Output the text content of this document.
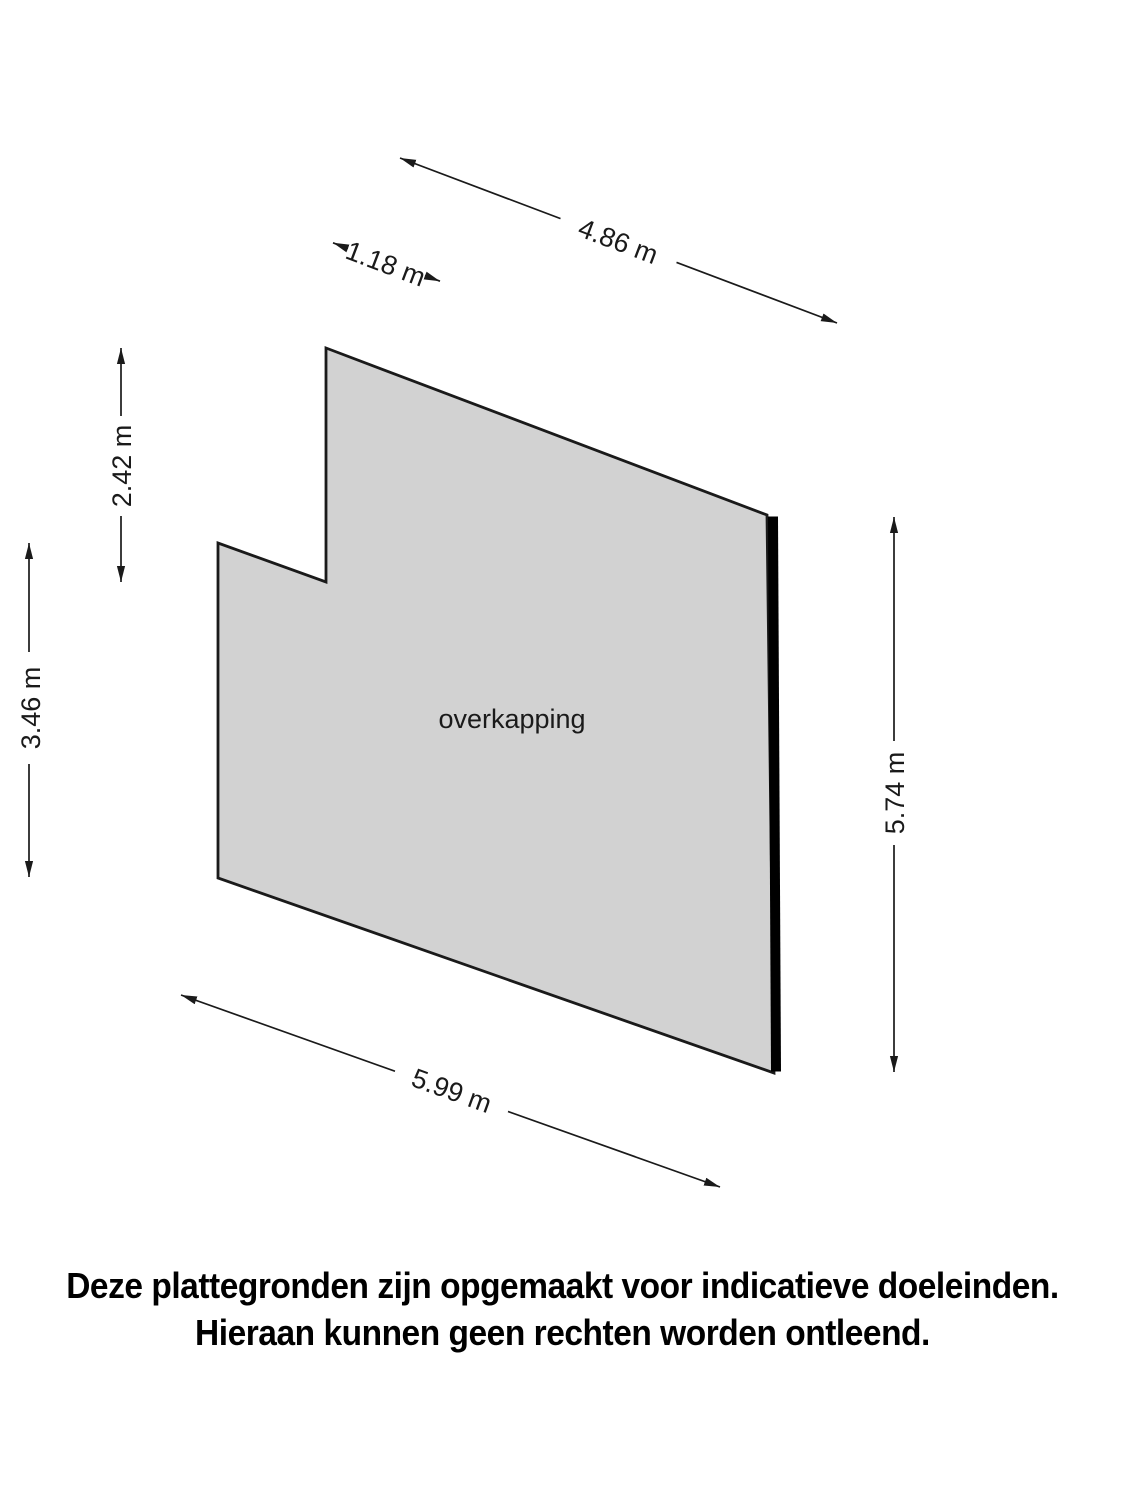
overkapping
4.86 m
1.18 m
2.42 m
3.46 m
5.74 m
5.99 m
Deze plattegronden zijn opgemaakt voor indicatieve doeleinden.
Hieraan kunnen geen rechten worden ontleend.
